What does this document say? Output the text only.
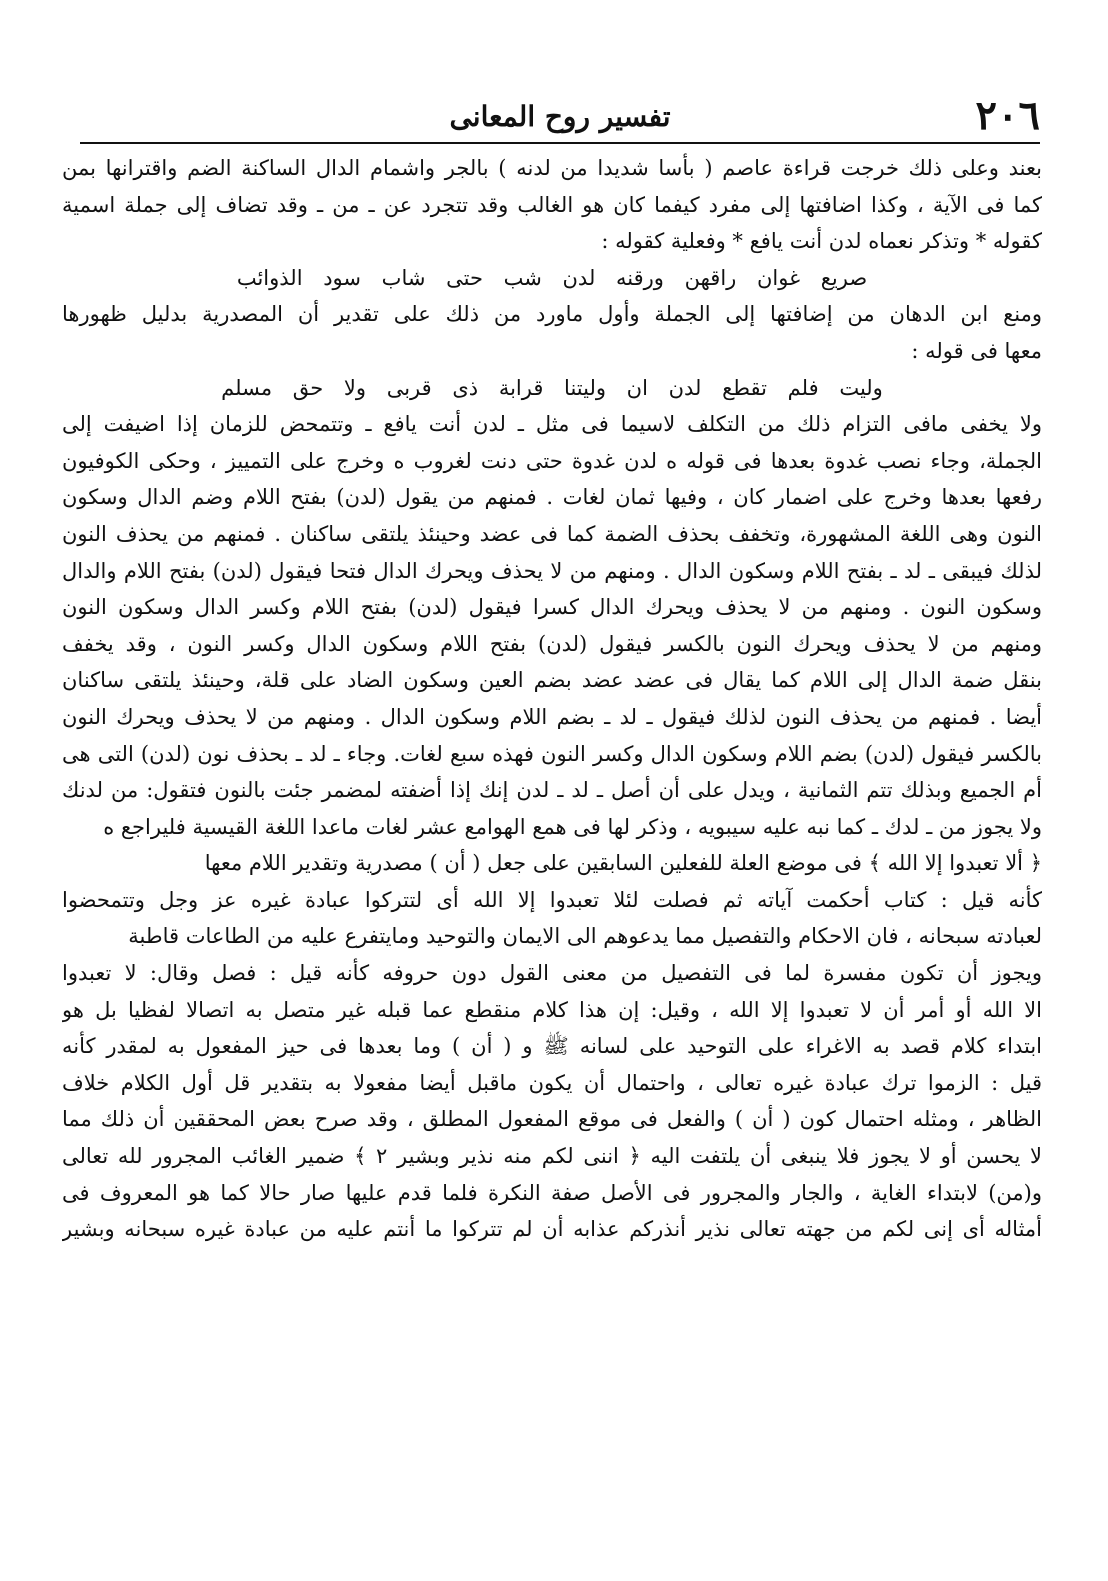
٢٠٦
تفسير روح المعانى
بعند وعلى ذلك خرجت قراءة عاصم ( بأسا شديدا من لدنه ) بالجر واشمام الدال الساكنة الضم واقترانها بمن
كما فى الآية ، وكذا اضافتها إلى مفرد كيفما كان هو الغالب وقد تتجرد عن ـ من ـ وقد تضاف إلى جملة اسمية
كقوله * وتذكر نعماه لدن أنت يافع * وفعلية كقوله :
صريع غوان راقهن ورقنه لدن شب حتى شاب سود الذوائب
ومنع ابن الدهان من إضافتها إلى الجملة وأول ماورد من ذلك على تقدير أن المصدرية بدليل ظهورها
معها فى قوله :
وليت فلم تقطع لدن ان وليتنا قرابة ذى قربى ولا حق مسلم
ولا يخفى مافى التزام ذلك من التكلف لاسيما فى مثل ـ لدن أنت يافع ـ وتتمحض للزمان إذا اضيفت إلى
الجملة، وجاء نصب غدوة بعدها فى قوله ه لدن غدوة حتى دنت لغروب ه وخرج على التمييز ، وحكى الكوفيون
رفعها بعدها وخرج على اضمار كان ، وفيها ثمان لغات . فمنهم من يقول (لدن) بفتح اللام وضم الدال وسكون
النون وهى اللغة المشهورة، وتخفف بحذف الضمة كما فى عضد وحينئذ يلتقى ساكنان . فمنهم من يحذف النون
لذلك فيبقى ـ لد ـ بفتح اللام وسكون الدال . ومنهم من لا يحذف ويحرك الدال فتحا فيقول (لدن) بفتح اللام والدال
وسكون النون . ومنهم من لا يحذف ويحرك الدال كسرا فيقول (لدن) بفتح اللام وكسر الدال وسكون النون
ومنهم من لا يحذف ويحرك النون بالكسر فيقول (لدن) بفتح اللام وسكون الدال وكسر النون ، وقد يخفف
بنقل ضمة الدال إلى اللام كما يقال فى عضد عضد بضم العين وسكون الضاد على قلة، وحينئذ يلتقى ساكنان
أيضا . فمنهم من يحذف النون لذلك فيقول ـ لد ـ بضم اللام وسكون الدال . ومنهم من لا يحذف ويحرك النون
بالكسر فيقول (لدن) بضم اللام وسكون الدال وكسر النون فهذه سبع لغات. وجاء ـ لد ـ بحذف نون (لدن) التى هى
أم الجميع وبذلك تتم الثمانية ، ويدل على أن أصل ـ لد ـ لدن إنك إذا أضفته لمضمر جئت بالنون فتقول: من لدنك
ولا يجوز من ـ لدك ـ كما نبه عليه سيبويه ، وذكر لها فى همع الهوامع عشر لغات ماعدا اللغة القيسية فليراجع ه
﴿ ألا تعبدوا إلا الله ﴾ فى موضع العلة للفعلين السابقين على جعل ( أن ) مصدرية وتقدير اللام معها
كأنه قيل : كتاب أحكمت آياته ثم فصلت لئلا تعبدوا إلا الله أى لتتركوا عبادة غيره عز وجل وتتمحضوا
لعبادته سبحانه ، فان الاحكام والتفصيل مما يدعوهم الى الايمان والتوحيد ومايتفرع عليه من الطاعات قاطبة
ويجوز أن تكون مفسرة لما فى التفصيل من معنى القول دون حروفه كأنه قيل : فصل وقال: لا تعبدوا
الا الله أو أمر أن لا تعبدوا إلا الله ، وقيل: إن هذا كلام منقطع عما قبله غير متصل به اتصالا لفظيا بل هو
ابتداء كلام قصد به الاغراء على التوحيد على لسانه ﷺ و ( أن ) وما بعدها فى حيز المفعول به لمقدر كأنه
قيل : الزموا ترك عبادة غيره تعالى ، واحتمال أن يكون ماقبل أيضا مفعولا به بتقدير قل أول الكلام خلاف
الظاهر ، ومثله احتمال كون ( أن ) والفعل فى موقع المفعول المطلق ، وقد صرح بعض المحققين أن ذلك مما
لا يحسن أو لا يجوز فلا ينبغى أن يلتفت اليه ﴿ اننى لكم منه نذير وبشير ٢ ﴾ ضمير الغائب المجرور لله تعالى
و(من) لابتداء الغاية ، والجار والمجرور فى الأصل صفة النكرة فلما قدم عليها صار حالا كما هو المعروف فى
أمثاله أى إنى لكم من جهته تعالى نذير أنذركم عذابه أن لم تتركوا ما أنتم عليه من عبادة غيره سبحانه وبشير
